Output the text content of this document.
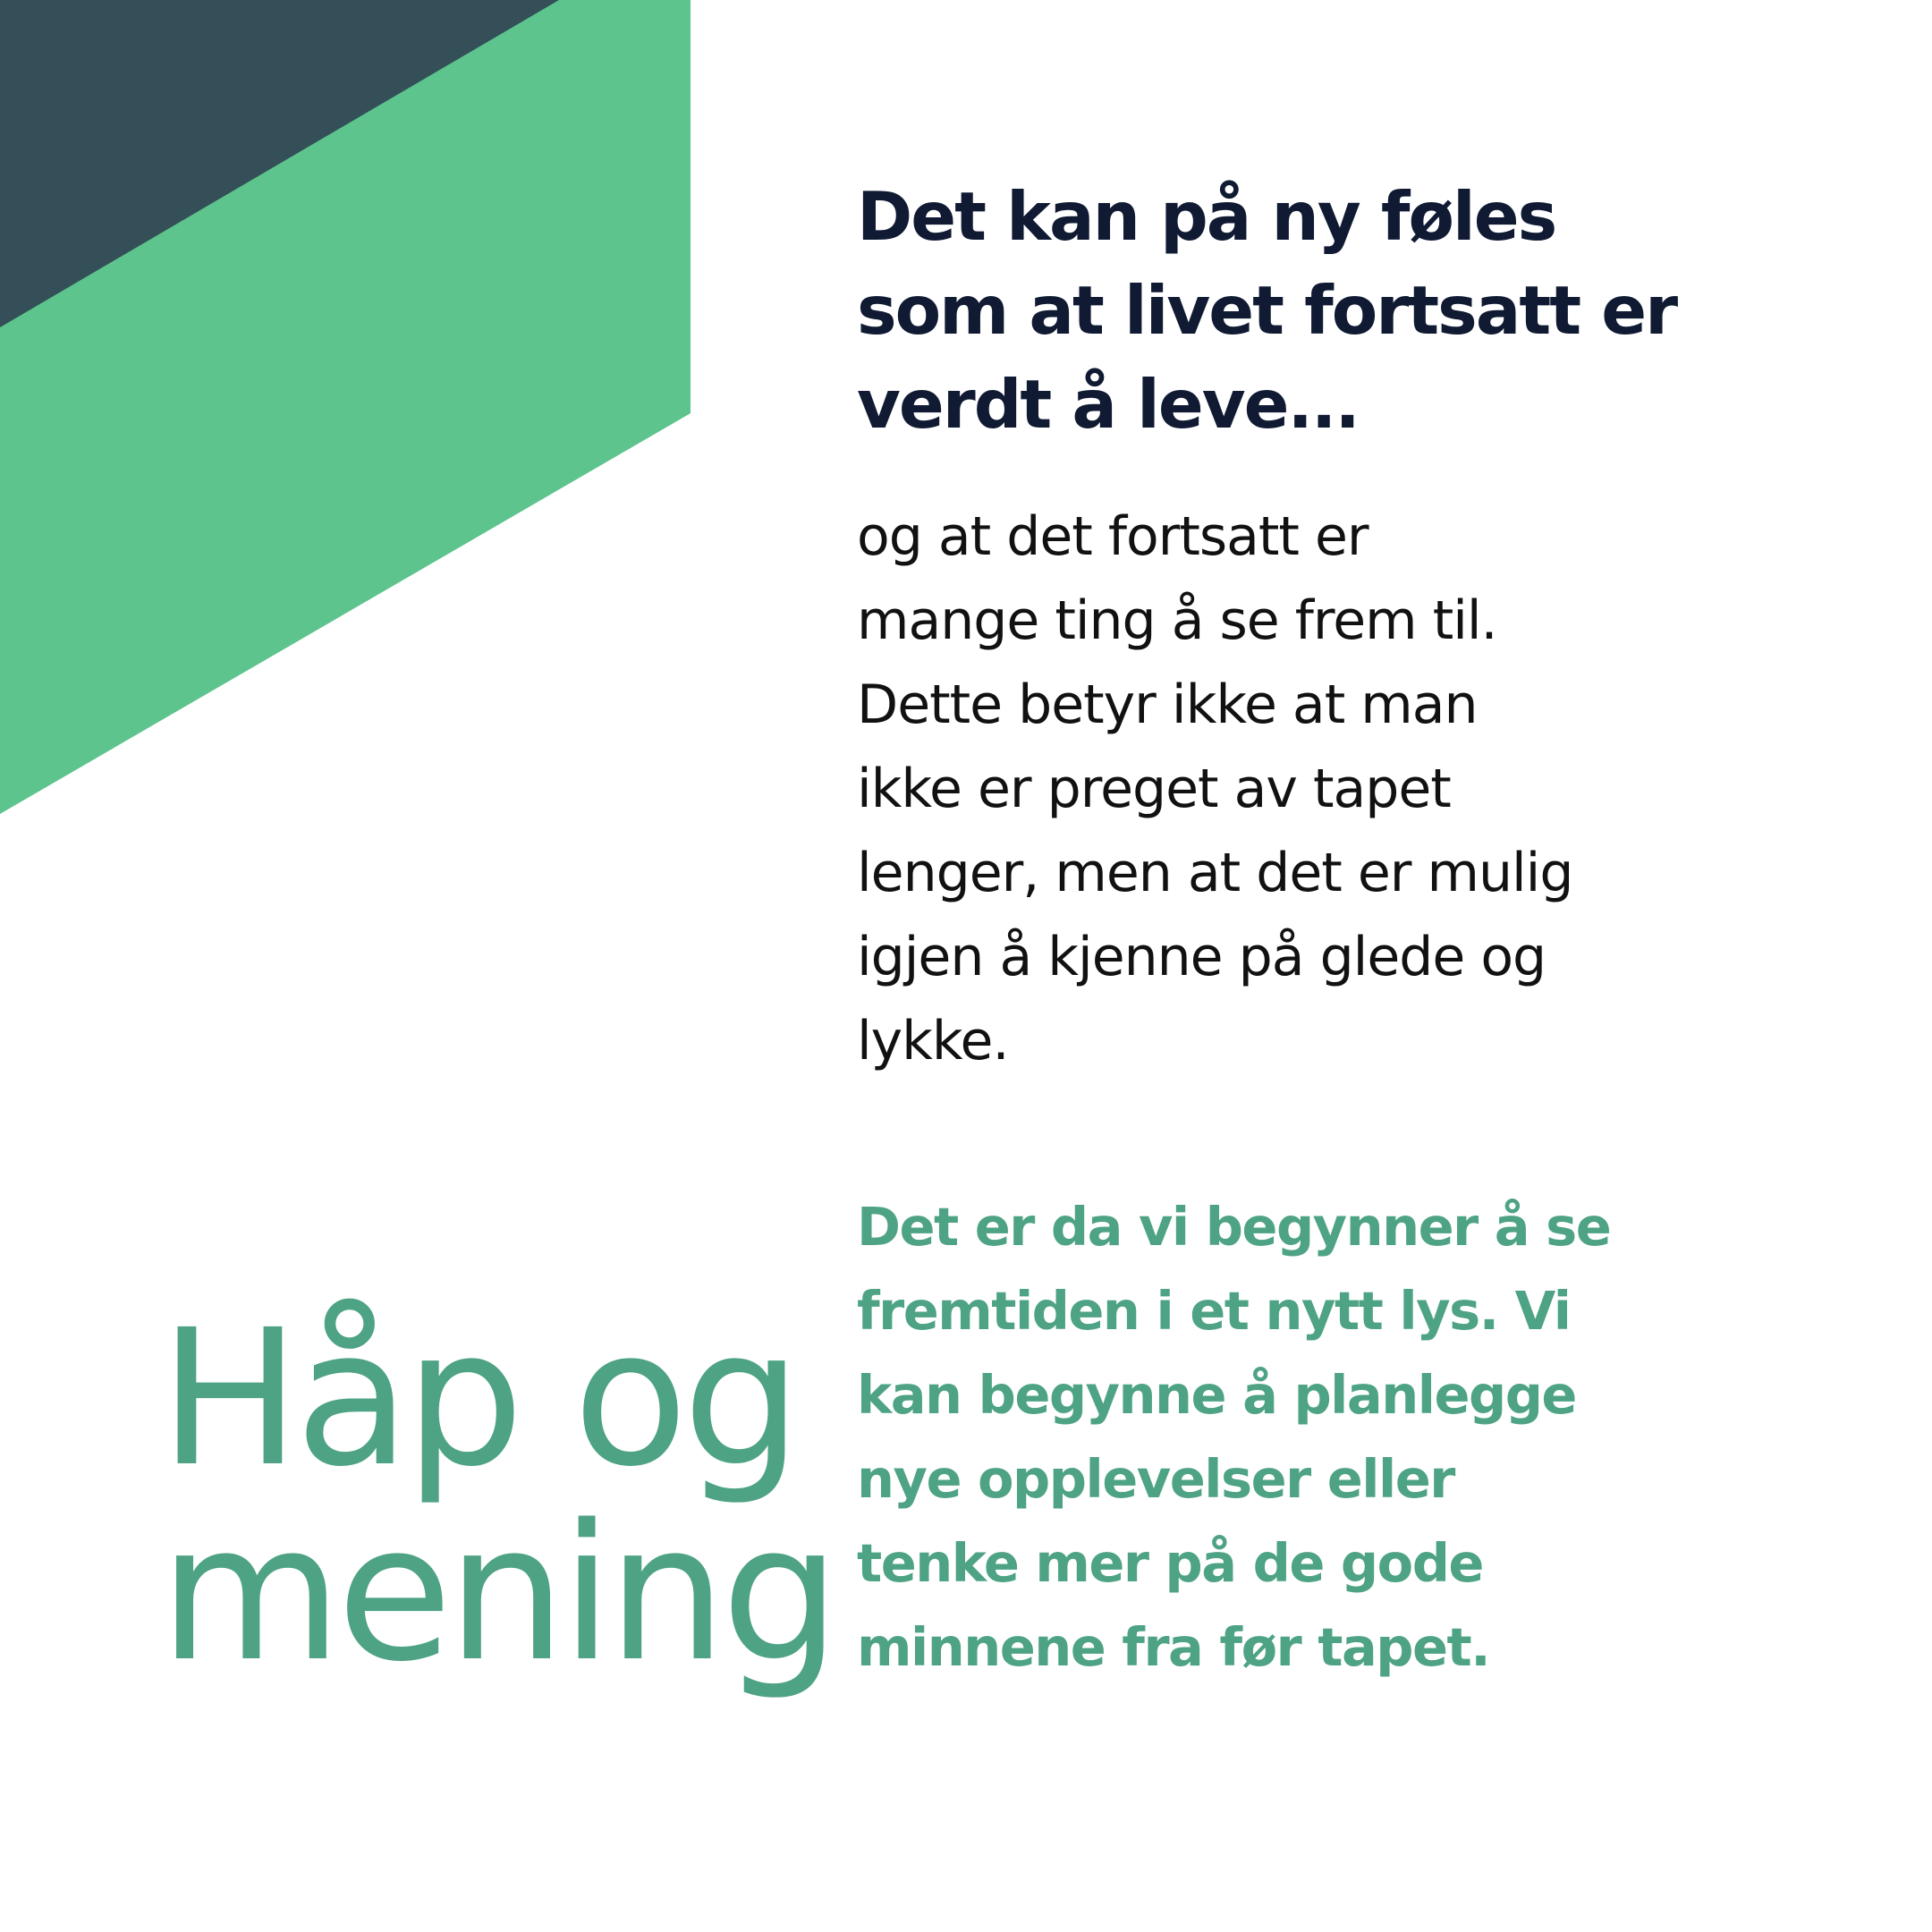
Håp og
mening
Det kan på ny føles
som at livet fortsatt er
verdt å leve...

og at det fortsatt er
mange ting å se frem til.
Dette betyr ikke at man
ikke er preget av tapet
lenger, men at det er mulig
igjen å kjenne på glede og
lykke.

Det er da vi begynner å se
fremtiden i et nytt lys. Vi
kan begynne å planlegge
nye opplevelser eller
tenke mer på de gode
minnene fra før tapet.
